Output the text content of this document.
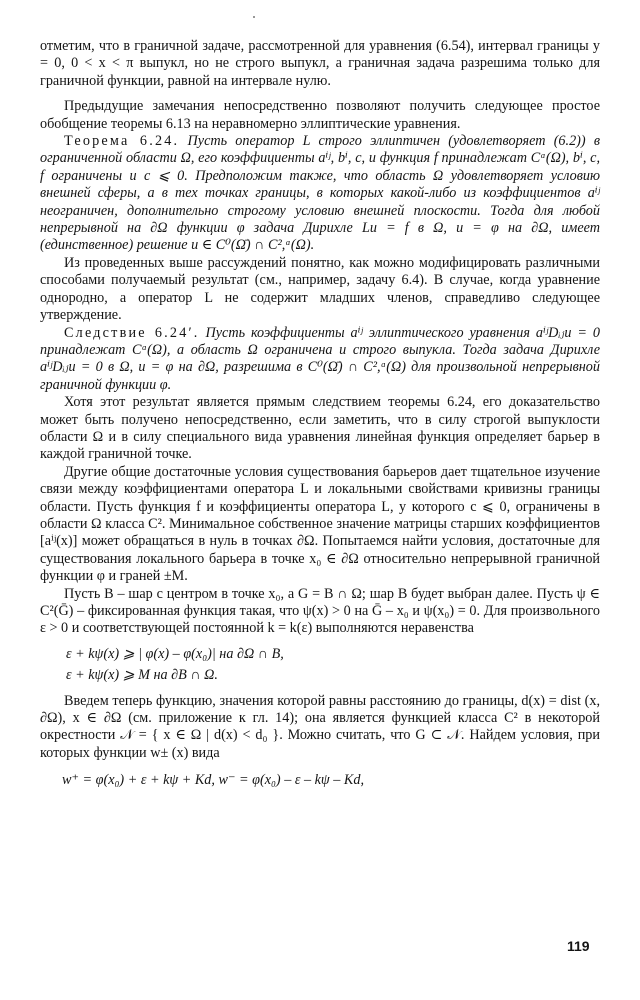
отметим, что в граничной задаче, рассмотренной для уравнения (6.54), интервал границы y = 0, 0 < x < π выпукл, но не строго выпукл, а граничная задача разрешима только для граничной функции, равной на интервале нулю.

Предыдущие замечания непосредственно позволяют получить следующее простое обобщение теоремы 6.13 на неравномерно эллиптические уравнения.

Теорема 6.24. Пусть оператор L строго эллиптичен (удовлетворяет (6.2)) в ограниченной области Ω, его коэффициенты aⁱʲ, bⁱ, c, и функция f принадлежат Cᵅ(Ω), bⁱ, c, f ограничены и c ⩽ 0. Предположим также, что область Ω удовлетворяет условию внешней сферы, а в тех точках границы, в которых какой-либо из коэффициентов aⁱʲ неограничен, дополнительно строгому условию внешней плоскости. Тогда для любой непрерывной на ∂Ω функции φ задача Дирихле Lu = f в Ω, u = φ на ∂Ω, имеет (единственное) решение u ∈ C⁰(Ω̄) ∩ C²,ᵅ(Ω).

Из проведенных выше рассуждений понятно, как можно модифицировать различными способами получаемый результат (см., например, задачу 6.4). В случае, когда уравнение однородно, а оператор L не содержит младших членов, справедливо следующее утверждение.

Следствие 6.24′. Пусть коэффициенты aⁱʲ эллиптического уравнения aⁱʲDᵢⱼu = 0 принадлежат Cᵅ(Ω), а область Ω ограничена и строго выпукла. Тогда задача Дирихле aⁱʲDᵢⱼu = 0 в Ω, u = φ на ∂Ω, разрешима в C⁰(Ω̄) ∩ C²,ᵅ(Ω) для произвольной непрерывной граничной функции φ.

Хотя этот результат является прямым следствием теоремы 6.24, его доказательство может быть получено непосредственно, если заметить, что в силу строгой выпуклости области Ω и в силу специального вида уравнения линейная функция определяет барьер в каждой граничной точке.

Другие общие достаточные условия существования барьеров дает тщательное изучение связи между коэффициентами оператора L и локальными свойствами кривизны границы области. Пусть функция f и коэффициенты оператора L, у которого c ⩽ 0, ограничены в области Ω класса C². Минимальное собственное значение матрицы старших коэффициентов [aⁱʲ(x)] может обращаться в нуль в точках ∂Ω. Попытаемся найти условия, достаточные для существования локального барьера в точке x₀ ∈ ∂Ω относительно непрерывной граничной функции φ и граней ±M.

Пусть B – шар с центром в точке x₀, а G = B ∩ Ω; шар B будет выбран далее. Пусть ψ ∈ C²(Ḡ) – фиксированная функция такая, что ψ(x) > 0 на Ḡ – x₀ и ψ(x₀) = 0. Для произвольного ε > 0 и соответствующей постоянной k = k(ε) выполняются неравенства

ε + kψ(x) ⩾ | φ(x) – φ(x₀)| на ∂Ω ∩ B,
ε + kψ(x) ⩾ M на ∂B ∩ Ω.

Введем теперь функцию, значения которой равны расстоянию до границы, d(x) = dist (x, ∂Ω), x ∈ ∂Ω (см. приложение к гл. 14); она является функцией класса C² в некоторой окрестности 𝒩 = { x ∈ Ω | d(x) < d₀ }. Можно считать, что G ⊂ 𝒩. Найдем условия, при которых функции w± (x) вида

w⁺ = φ(x₀) + ε + kψ + Kd, w⁻ = φ(x₀) – ε – kψ – Kd,
119
